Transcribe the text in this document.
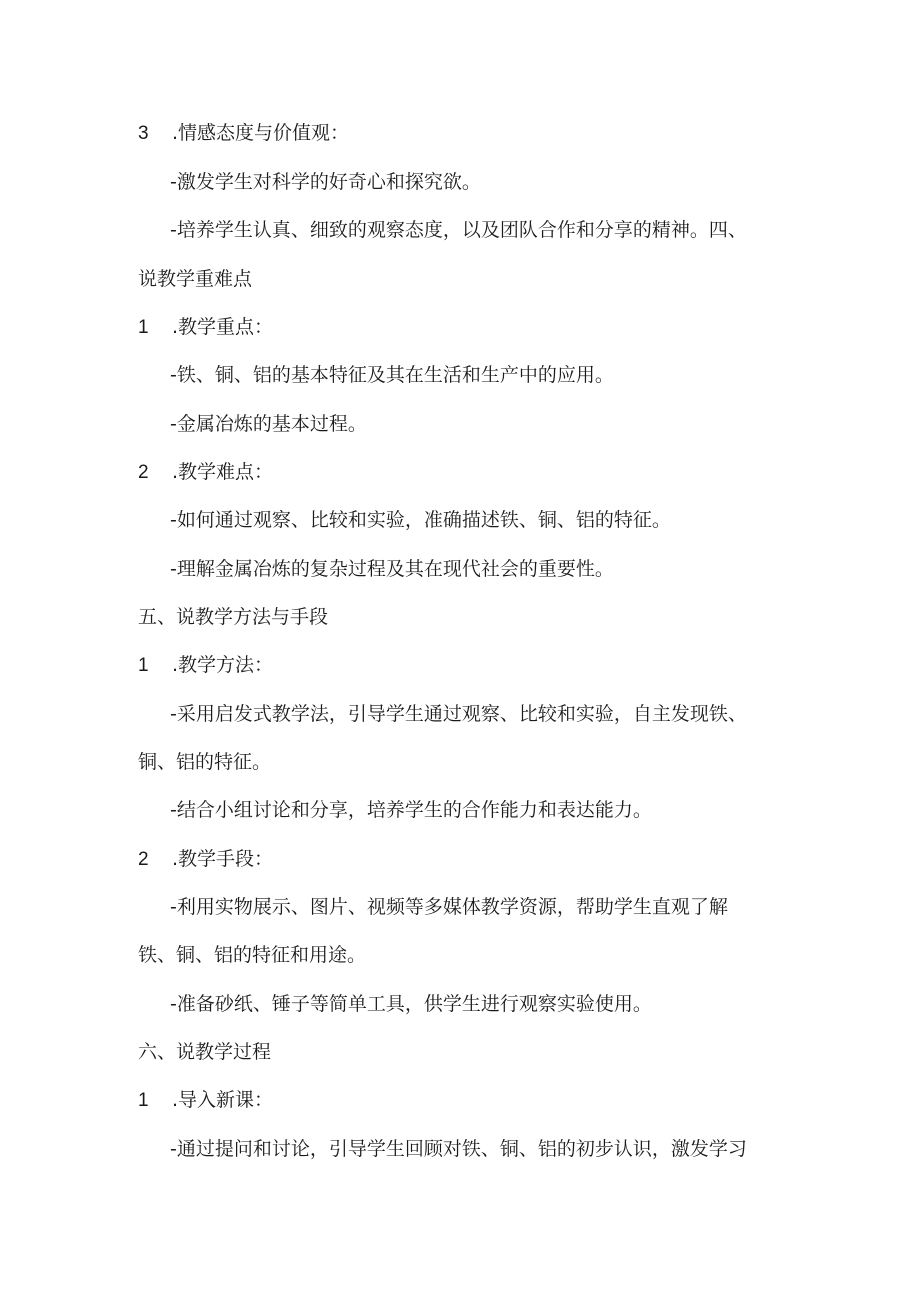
3 .情感态度与价值观：
-激发学生对科学的好奇心和探究欲。
-培养学生认真、细致的观察态度，以及团队合作和分享的精神。四、
说教学重难点
1 .教学重点：
-铁、铜、铝的基本特征及其在生活和生产中的应用。
-金属冶炼的基本过程。
2 .教学难点：
-如何通过观察、比较和实验，准确描述铁、铜、铝的特征。
-理解金属冶炼的复杂过程及其在现代社会的重要性。
五、说教学方法与手段
1 .教学方法：
-采用启发式教学法，引导学生通过观察、比较和实验，自主发现铁、
铜、铝的特征。
-结合小组讨论和分享，培养学生的合作能力和表达能力。
2 .教学手段：
-利用实物展示、图片、视频等多媒体教学资源，帮助学生直观了解
铁、铜、铝的特征和用途。
-准备砂纸、锤子等简单工具，供学生进行观察实验使用。
六、说教学过程
1 .导入新课：
-通过提问和讨论，引导学生回顾对铁、铜、铝的初步认识，激发学习
